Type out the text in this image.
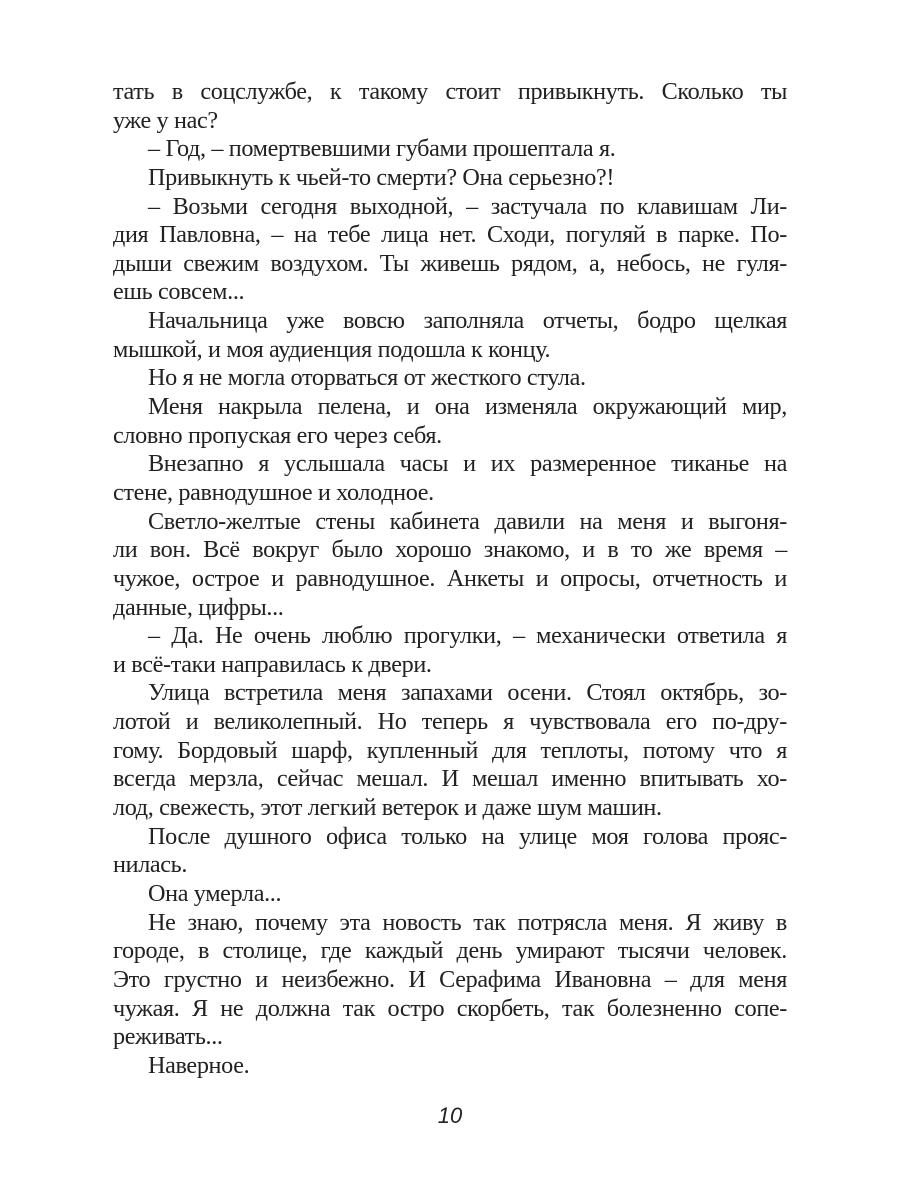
тать в соцслужбе, к такому стоит привыкнуть. Сколько ты
уже у нас?
– Год, – помертвевшими губами прошептала я.
Привыкнуть к чьей-то смерти? Она серьезно?!
– Возьми сегодня выходной, – застучала по клавишам Ли-
дия Павловна, – на тебе лица нет. Сходи, погуляй в парке. По-
дыши свежим воздухом. Ты живешь рядом, а, небось, не гуля-
ешь совсем...
Начальница уже вовсю заполняла отчеты, бодро щелкая
мышкой, и моя аудиенция подошла к концу.
Но я не могла оторваться от жесткого стула.
Меня накрыла пелена, и она изменяла окружающий мир,
словно пропуская его через себя.
Внезапно я услышала часы и их размеренное тиканье на
стене, равнодушное и холодное.
Светло-желтые стены кабинета давили на меня и выгоня-
ли вон. Всё вокруг было хорошо знакомо, и в то же время –
чужое, острое и равнодушное. Анкеты и опросы, отчетность и
данные, цифры...
– Да. Не очень люблю прогулки, – механически ответила я
и всё-таки направилась к двери.
Улица встретила меня запахами осени. Стоял октябрь, зо-
лотой и великолепный. Но теперь я чувствовала его по-дру-
гому. Бордовый шарф, купленный для теплоты, потому что я
всегда мерзла, сейчас мешал. И мешал именно впитывать хо-
лод, свежесть, этот легкий ветерок и даже шум машин.
После душного офиса только на улице моя голова прояс-
нилась.
Она умерла...
Не знаю, почему эта новость так потрясла меня. Я живу в
городе, в столице, где каждый день умирают тысячи человек.
Это грустно и неизбежно. И Серафима Ивановна – для меня
чужая. Я не должна так остро скорбеть, так болезненно сопе-
реживать...
Наверное.
10
